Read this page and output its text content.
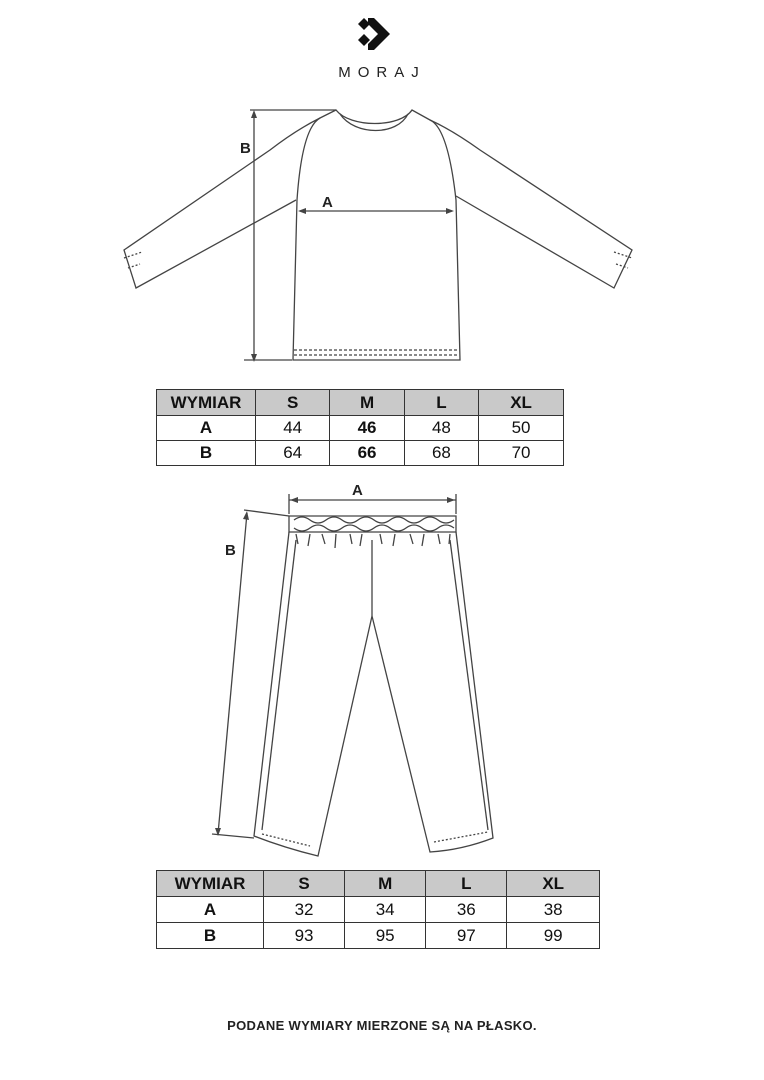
MORAJ
B
A
WYMIAR	S	M	L	XL
A	44	46	48	50
B	64	66	68	70
B
A
WYMIAR	S	M	L	XL
A	32	34	36	38
B	93	95	97	99
PODANE WYMIARY MIERZONE SĄ NA PŁASKO.
